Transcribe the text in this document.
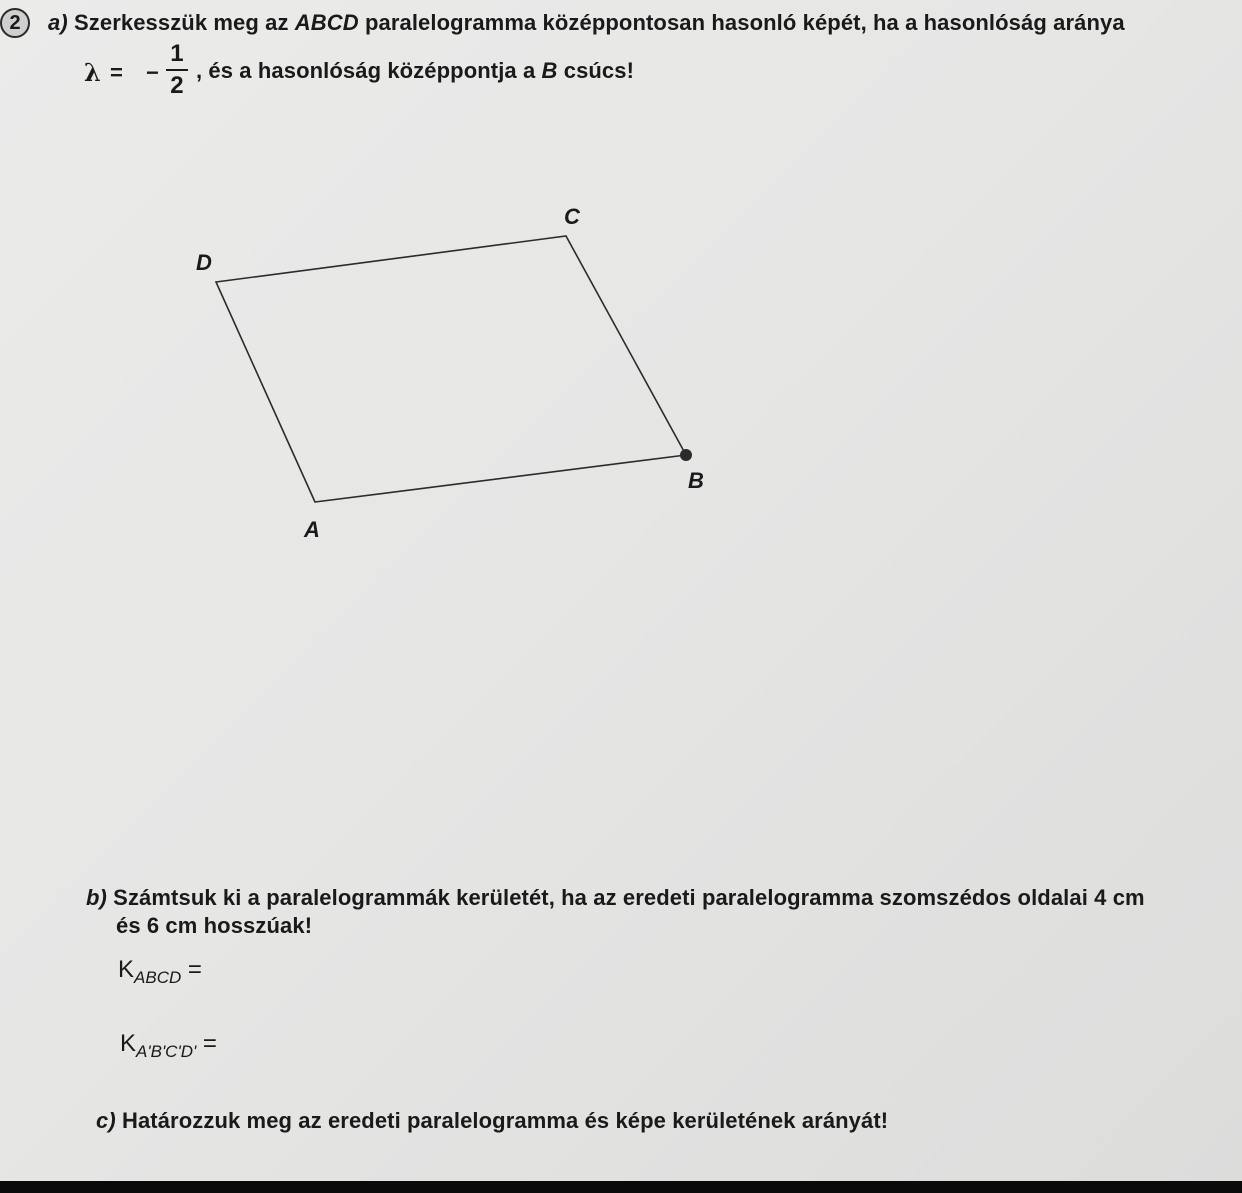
2	a) Szerkesszük meg az ABCD paralelogramma középpontosan hasonló képét, ha a hasonlóság aránya
λ = −
1
2
, és a hasonlóság középpontja a B csúcs!
A
B
C
D
b) Számtsuk ki a paralelogrammák kerületét, ha az eredeti paralelogramma szomszédos oldalai 4 cm
és 6 cm hosszúak!
$K_{ABCD}$ =
$K_{A'B'C'D'}$ =
c) Határozzuk meg az eredeti paralelogramma és képe kerületének arányát!
